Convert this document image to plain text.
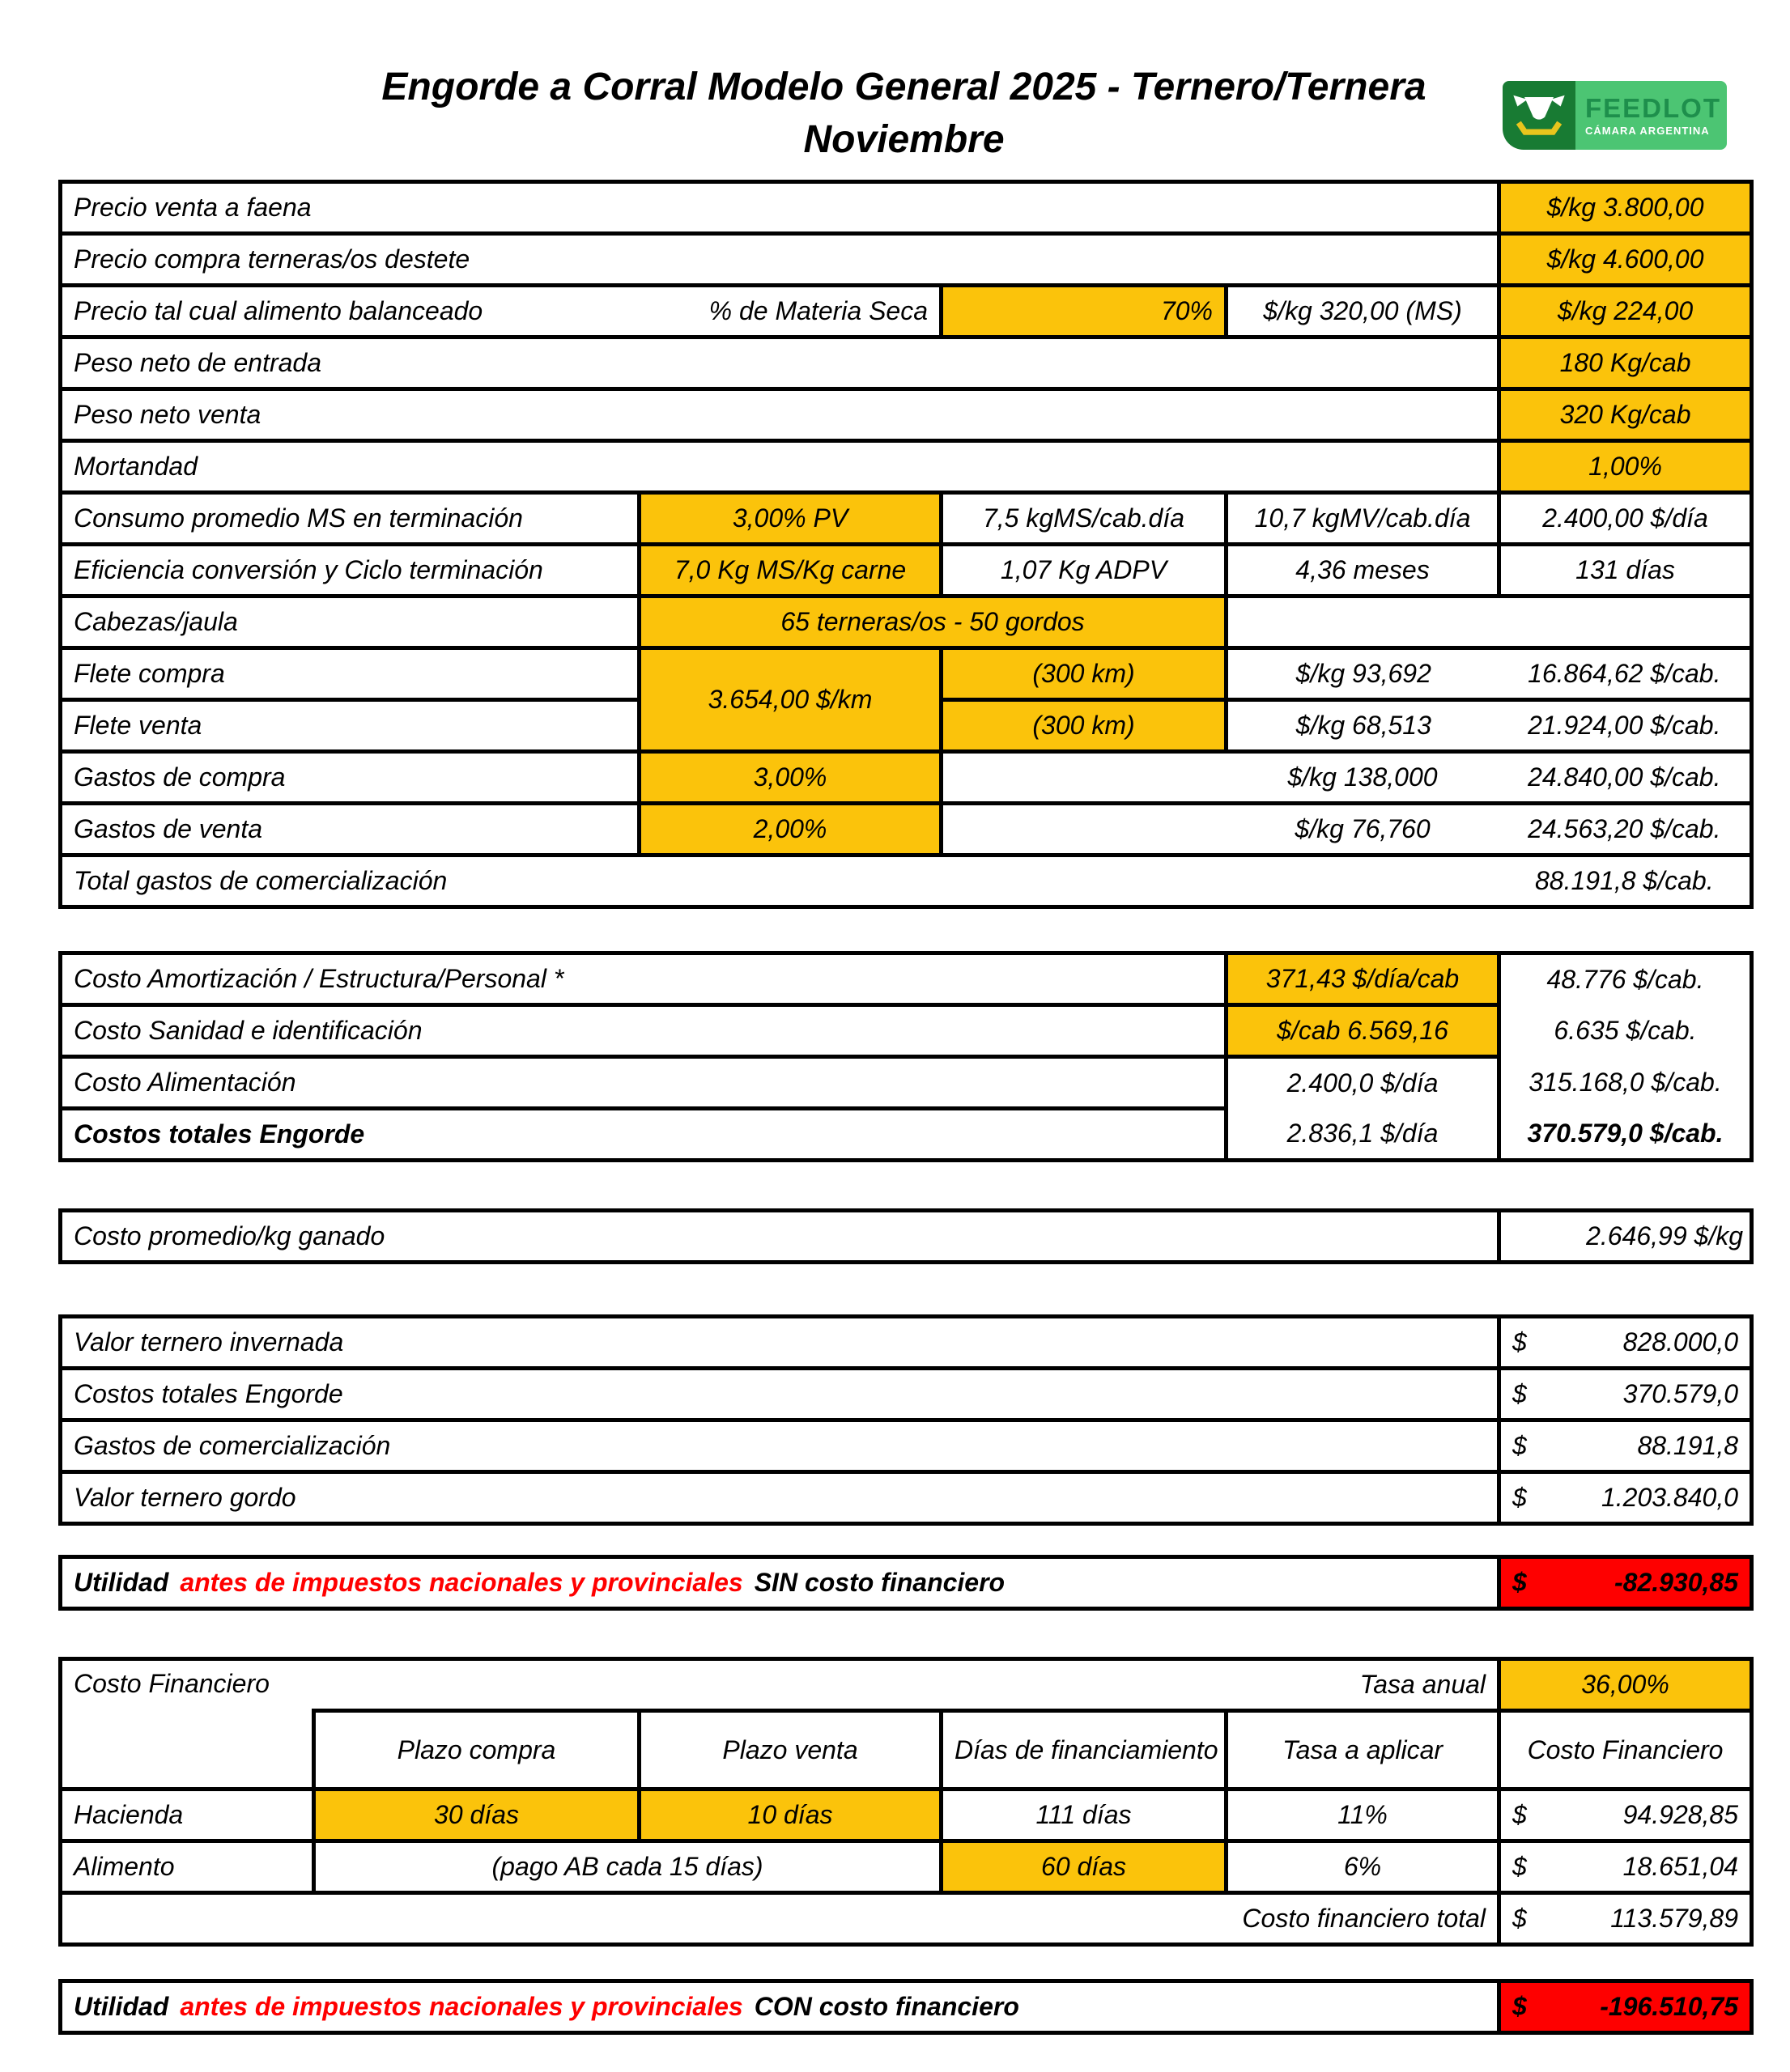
Engorde a Corral Modelo General 2025 - Ternero/Ternera
Noviembre
FEEDLOT
CÁMARA ARGENTINA
Precio venta a faena				$/kg 3.800,00
Precio compra terneras/os destete				$/kg 4.600,00

Precio tal cual alimento balanceado % de Materia Seca		70%	$/kg 320,00 (MS)	$/kg 224,00
Peso neto de entrada				180 Kg/cab
Peso neto venta				320 Kg/cab
Mortandad				1,00%
Consumo promedio MS en terminación	3,00% PV	7,5 kgMS/cab.día	10,7 kgMV/cab.día	2.400,00 $/día
Eficiencia conversión y Ciclo terminación	7,0 Kg MS/Kg carne	1,07 Kg ADPV	4,36 meses	131 días
Cabezas/jaula	65 terneras/os - 50 gordos			
Flete compra	3.654,00 $/km	(300 km)	$/kg 93,692	16.864,62 $/cab.
Flete venta		(300 km)	$/kg 68,513	21.924,00 $/cab.
Gastos de compra	3,00%		$/kg 138,000	24.840,00 $/cab.
Gastos de venta	2,00%		$/kg 76,760	24.563,20 $/cab.
Total gastos de comercialización				88.191,8 $/cab.
Costo Amortización / Estructura/Personal *	371,43 $/día/cab	48.776 $/cab.
Costo Sanidad e identificación	$/cab 6.569,16	6.635 $/cab.
Costo Alimentación	2.400,0 $/día	315.168,0 $/cab.
Costos totales Engorde	2.836,1 $/día	370.579,0 $/cab.
Costo promedio/kg ganado	2.646,99 $/kg
Valor ternero invernada	$ 828.000,0

Costos totales Engorde	$ 370.579,0

Gastos de comercialización	$ 88.191,8

Valor ternero gordo	$ 1.203.840,0
Utilidad antes de impuestos nacionales y provinciales SIN costo financiero	$	-82.930,85
Costo Financiero	Tasa anual				36,00%
	Plazo compra	Plazo venta	Días de financiamiento	Tasa a aplicar	Costo Financiero
Hacienda	30 días	10 días	111 días	11%	$ 94.928,85

Alimento	(pago AB cada 15 días)		60 días	6%	$ 18.651,04

Costo financiero total					$ 113.579,89
Utilidad antes de impuestos nacionales y provinciales CON costo financiero	$	-196.510,75
